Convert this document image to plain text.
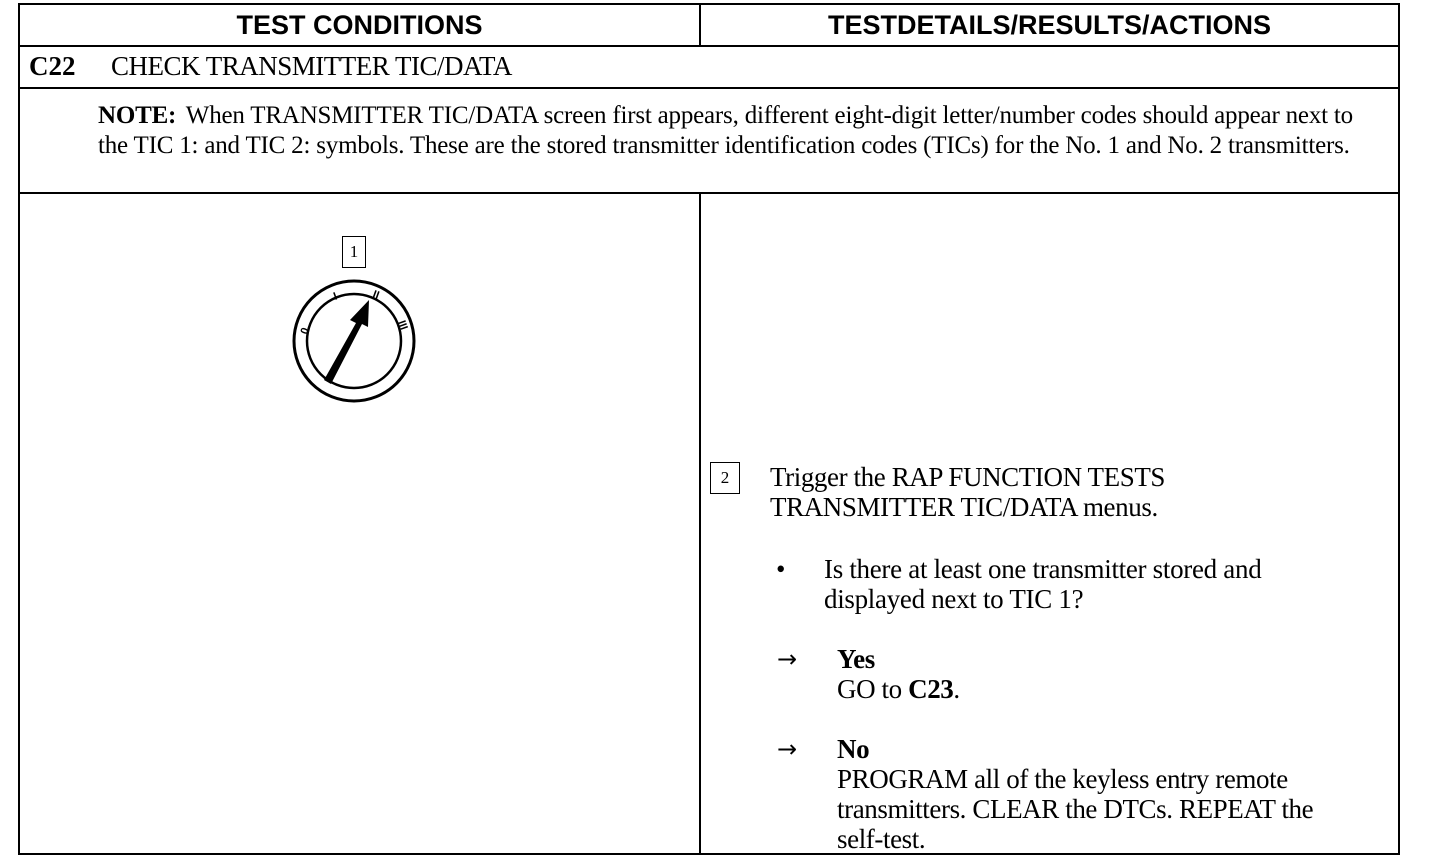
TEST CONDITIONS	TESTDETAILS/RESULTS/ACTIONS
C22	CHECK TRANSMITTER TIC/DATA
NOTE: When TRANSMITTER TIC/DATA screen first appears, different eight-digit letter/number codes should appear next to the TIC 1: and TIC 2: symbols. These are the stored transmitter identification codes (TICs) for the No. 1 and No. 2 transmitters.
1
0
I	II
III
2	Trigger the RAP FUNCTION TESTS
TRANSMITTER TIC/DATA menus.
•	Is there at least one transmitter stored and
displayed next to TIC 1?
→	Yes
GO to C23.
→	No
PROGRAM all of the keyless entry remote
transmitters. CLEAR the DTCs. REPEAT the
self-test.
